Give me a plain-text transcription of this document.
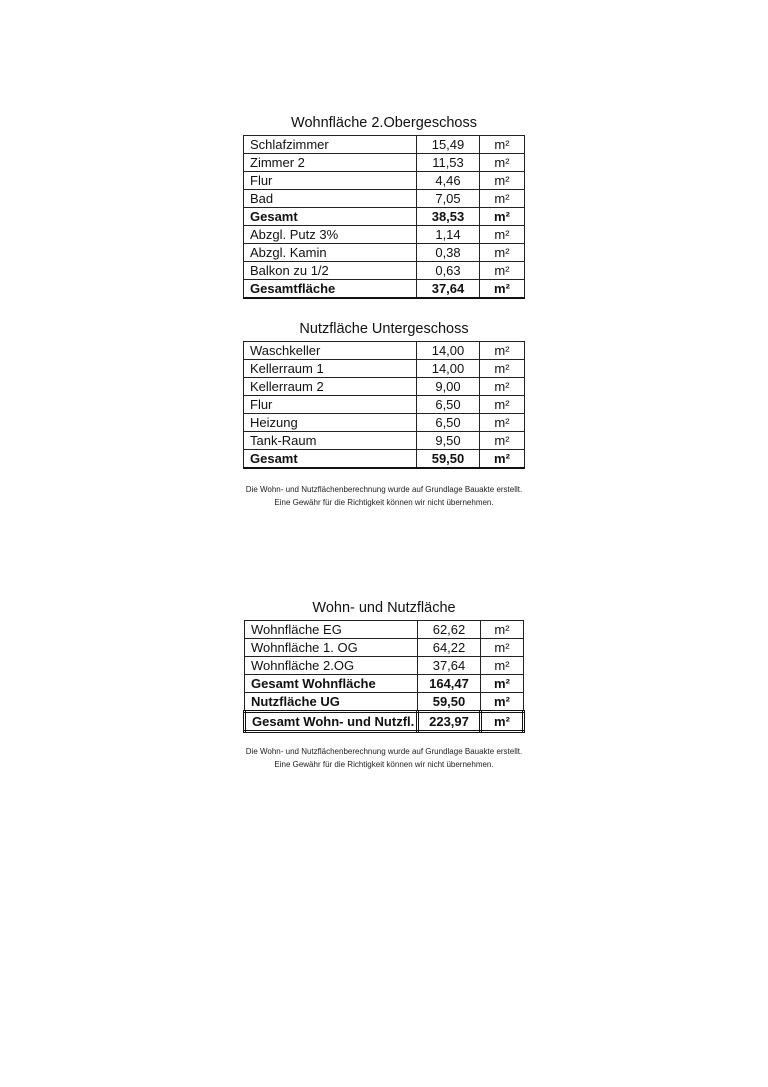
Wohnfläche 2.Obergeschoss
Schlafzimmer	15,49	m²
Zimmer 2	11,53	m²
Flur	4,46	m²
Bad	7,05	m²
Gesamt	38,53	m²
Abzgl. Putz 3%	1,14	m²
Abzgl. Kamin	0,38	m²
Balkon zu 1/2	0,63	m²
Gesamtfläche	37,64	m²
Nutzfläche Untergeschoss
Waschkeller	14,00	m²
Kellerraum 1	14,00	m²
Kellerraum 2	9,00	m²
Flur	6,50	m²
Heizung	6,50	m²
Tank-Raum	9,50	m²
Gesamt	59,50	m²
Die Wohn- und Nutzflächenberechnung wurde auf Grundlage Bauakte erstellt.
Eine Gewähr für die Richtigkeit können wir nicht übernehmen.
Wohn- und Nutzfläche
Wohnfläche EG	62,62	m²
Wohnfläche 1. OG	64,22	m²
Wohnfläche 2.OG	37,64	m²
Gesamt Wohnfläche	164,47	m²
Nutzfläche UG	59,50	m²
Gesamt Wohn- und Nutzfl.	223,97	m²
Die Wohn- und Nutzflächenberechnung wurde auf Grundlage Bauakte erstellt.
Eine Gewähr für die Richtigkeit können wir nicht übernehmen.
